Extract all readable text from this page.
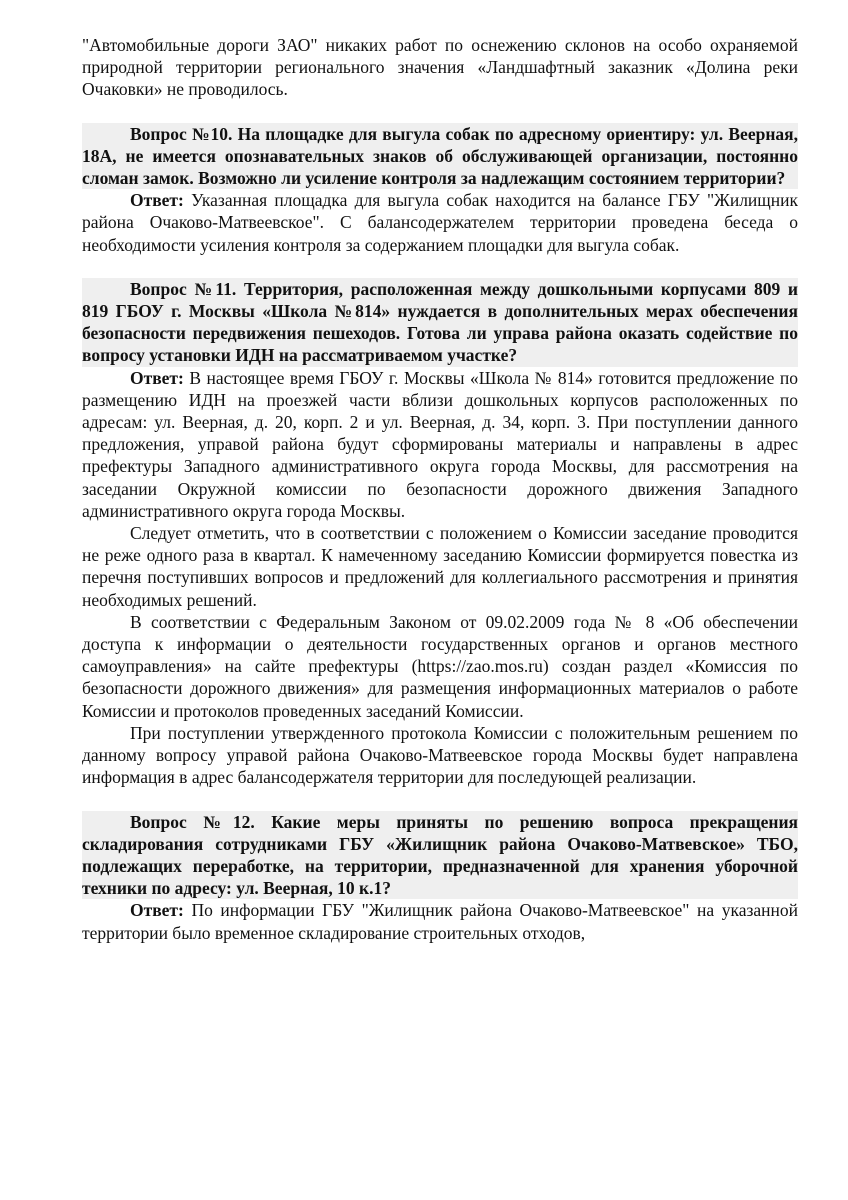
"Автомобильные дороги ЗАО" никаких работ по оснежению склонов на особо охраняемой природной территории регионального значения «Ландшафтный заказник «Долина реки Очаковки» не проводилось.

Вопрос №10. На площадке для выгула собак по адресному ориентиру: ул. Веерная, 18А, не имеется опознавательных знаков об обслуживающей организации, постоянно сломан замок. Возможно ли усиление контроля за надлежащим состоянием территории?

Ответ: Указанная площадка для выгула собак находится на балансе ГБУ "Жилищник района Очаково-Матвеевское". С балансодержателем территории проведена беседа о необходимости усиления контроля за содержанием площадки для выгула собак.

Вопрос №11. Территория, расположенная между дошкольными корпусами 809 и 819 ГБОУ г. Москвы «Школа №814» нуждается в дополнительных мерах обеспечения безопасности передвижения пешеходов. Готова ли управа района оказать содействие по вопросу установки ИДН на рассматриваемом участке?

Ответ: В настоящее время ГБОУ г. Москвы «Школа № 814» готовится предложение по размещению ИДН на проезжей части вблизи дошкольных корпусов расположенных по адресам: ул. Веерная, д. 20, корп. 2 и ул. Веерная, д. 34, корп. 3. При поступлении данного предложения, управой района будут сформированы материалы и направлены в адрес префектуры Западного административного округа города Москвы, для рассмотрения на заседании Окружной комиссии по безопасности дорожного движения Западного административного округа города Москвы.

Следует отметить, что в соответствии с положением о Комиссии заседание проводится не реже одного раза в квартал. К намеченному заседанию Комиссии формируется повестка из перечня поступивших вопросов и предложений для коллегиального рассмотрения и принятия необходимых решений.

В соответствии с Федеральным Законом от 09.02.2009 года № 8 «Об обеспечении доступа к информации о деятельности государственных органов и органов местного самоуправления» на сайте префектуры (https://zao.mos.ru) создан раздел «Комиссия по безопасности дорожного движения» для размещения информационных материалов о работе Комиссии и протоколов проведенных заседаний Комиссии.

При поступлении утвержденного протокола Комиссии с положительным решением по данному вопросу управой района Очаково-Матвеевское города Москвы будет направлена информация в адрес балансодержателя территории для последующей реализации.

Вопрос №12. Какие меры приняты по решению вопроса прекращения складирования сотрудниками ГБУ «Жилищник района Очаково-Матвевское» ТБО, подлежащих переработке, на территории, предназначенной для хранения уборочной техники по адресу: ул. Веерная, 10 к.1?

Ответ: По информации ГБУ "Жилищник района Очаково-Матвеевское" на указанной территории было временное складирование строительных отходов,
